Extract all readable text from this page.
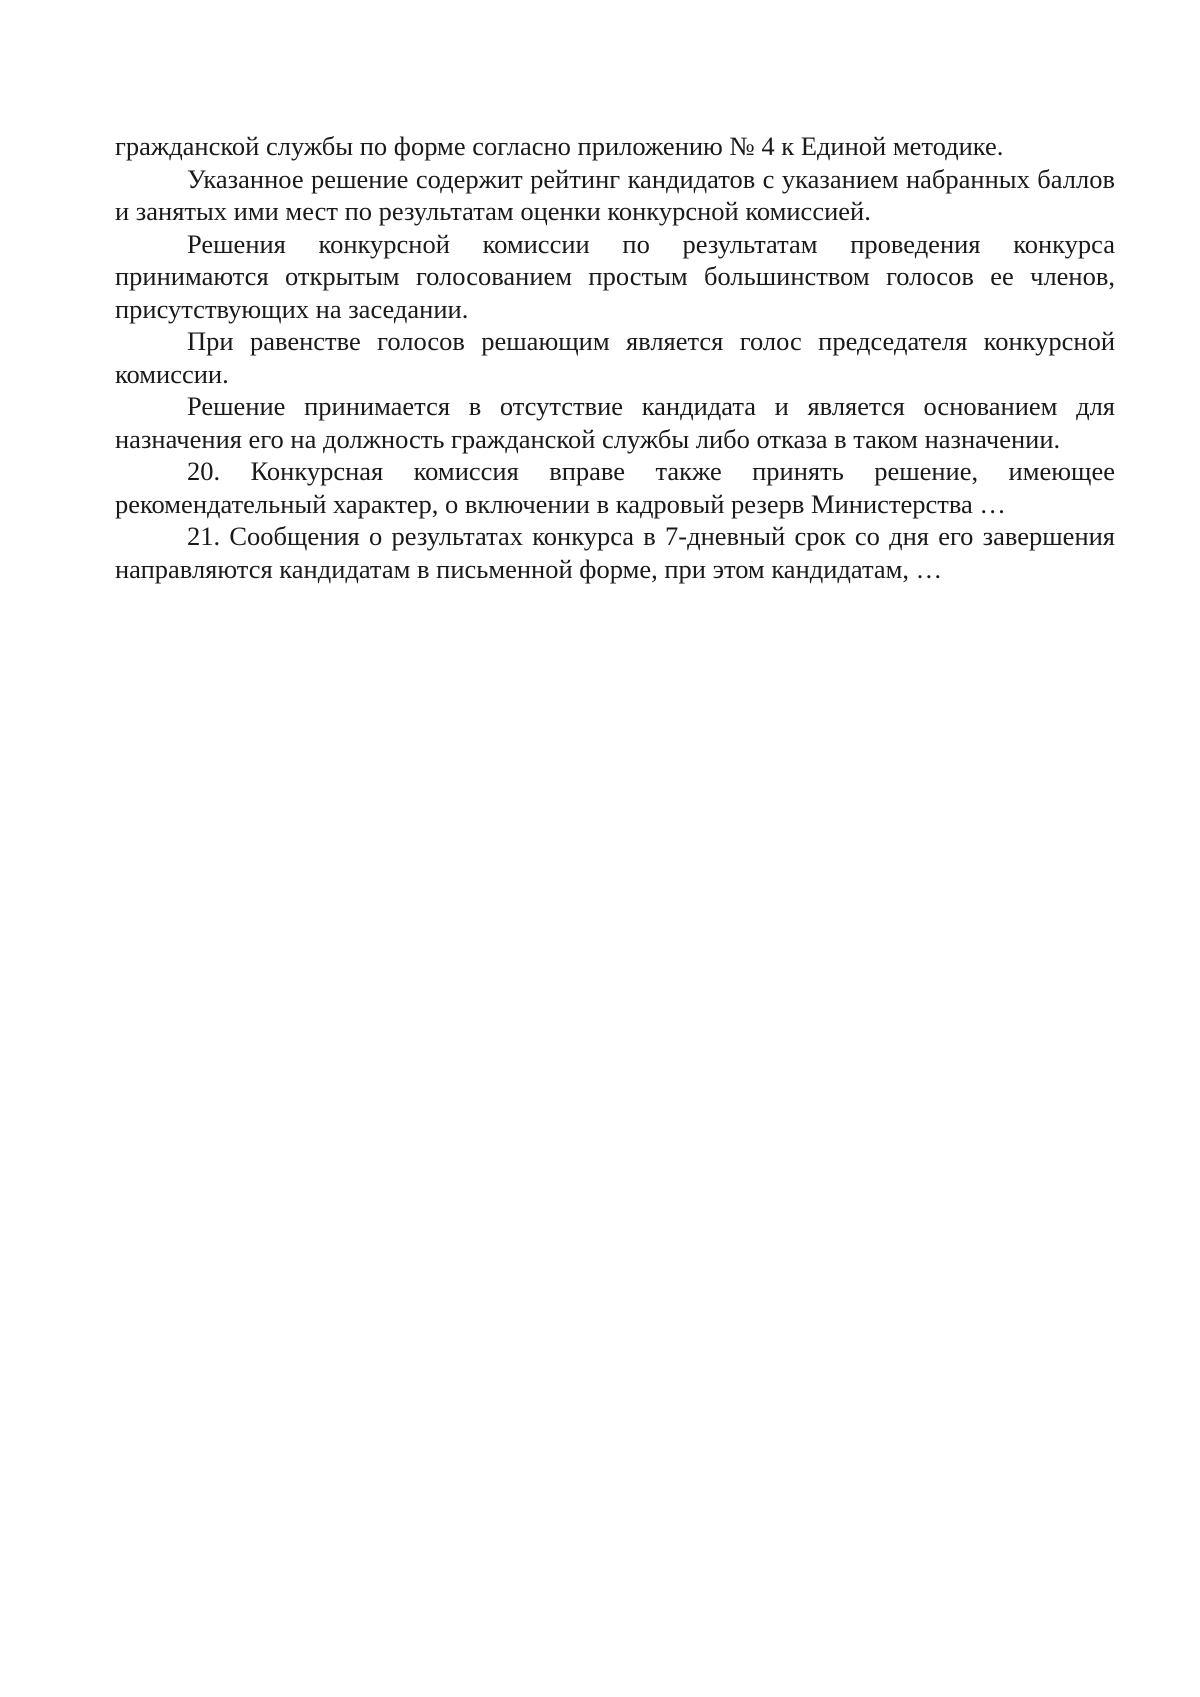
гражданской службы по форме согласно приложению № 4 к Единой методике.

Указанное решение содержит рейтинг кандидатов с указанием набранных баллов и занятых ими мест по результатам оценки конкурсной комиссией.

Решения конкурсной комиссии по результатам проведения конкурса принимаются открытым голосованием простым большинством голосов ее членов, присутствующих на заседании.

При равенстве голосов решающим является голос председателя конкурсной комиссии.

Решение принимается в отсутствие кандидата и является основанием для назначения его на должность гражданской службы либо отказа в таком назначении.

20. Конкурсная комиссия вправе также принять решение, имеющее рекомендательный характер, о включении в кадровый резерв Министерства …

21. Сообщения о результатах конкурса в 7-дневный срок со дня его завершения направляются кандидатам в письменной форме, при этом кандидатам, …
